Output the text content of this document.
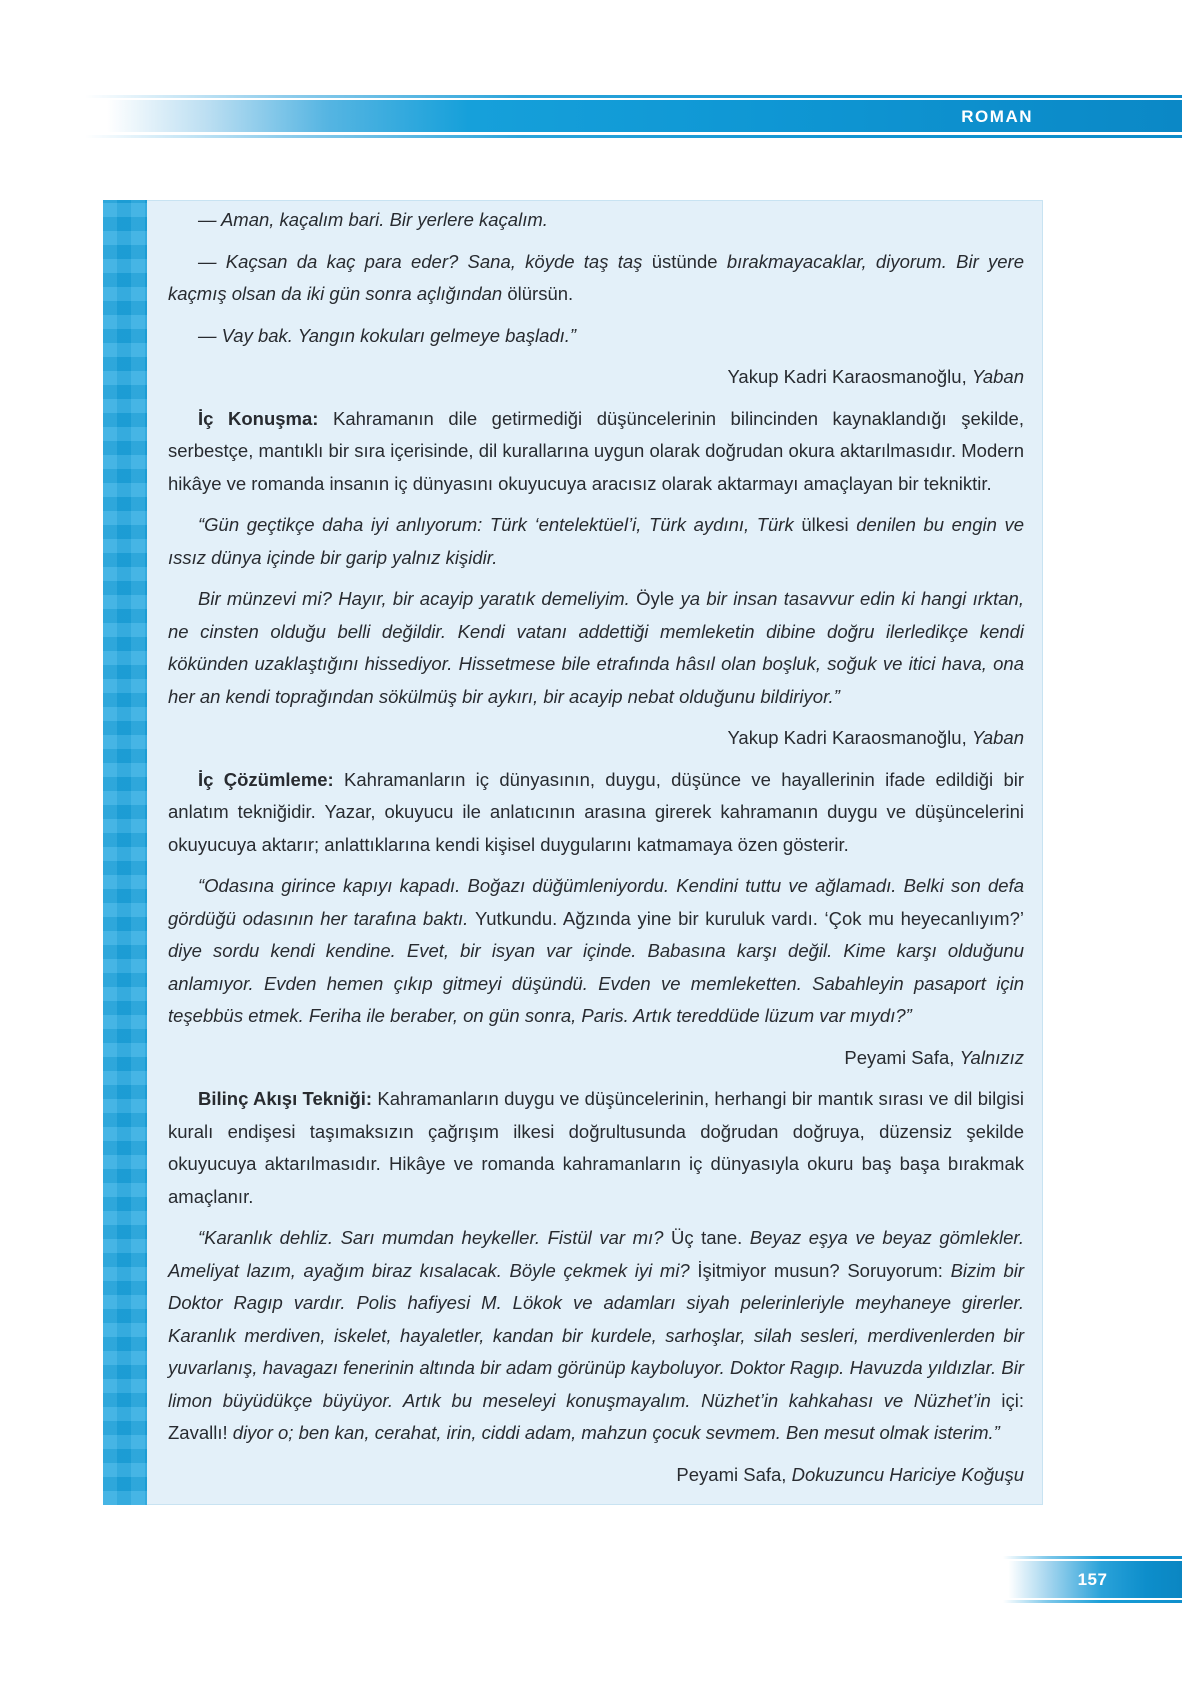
ROMAN

— Aman, kaçalım bari. Bir yerlere kaçalım.

— Kaçsan da kaç para eder? Sana, köyde taş taş üstünde bırakmayacaklar, diyorum. Bir yere kaçmış olsan da iki gün sonra açlığından ölürsün.

— Vay bak. Yangın kokuları gelmeye başladı.”

Yakup Kadri Karaosmanoğlu, Yaban

İç Konuşma: Kahramanın dile getirmediği düşüncelerinin bilincinden kaynaklandığı şekilde, serbestçe, mantıklı bir sıra içerisinde, dil kurallarına uygun olarak doğrudan okura aktarılmasıdır. Modern hikâye ve romanda insanın iç dünyasını okuyucuya aracısız olarak aktarmayı amaçlayan bir tekniktir.

“Gün geçtikçe daha iyi anlıyorum: Türk ‘entelektüel’i, Türk aydını, Türk ülkesi denilen bu engin ve ıssız dünya içinde bir garip yalnız kişidir.

Bir münzevi mi? Hayır, bir acayip yaratık demeliyim. Öyle ya bir insan tasavvur edin ki hangi ırktan, ne cinsten olduğu belli değildir. Kendi vatanı addettiği memleketin dibine doğru ilerledikçe kendi kökünden uzaklaştığını hissediyor. Hissetmese bile etrafında hâsıl olan boşluk, soğuk ve itici hava, ona her an kendi toprağından sökülmüş bir aykırı, bir acayip nebat olduğunu bildiriyor.”

Yakup Kadri Karaosmanoğlu, Yaban

İç Çözümleme: Kahramanların iç dünyasının, duygu, düşünce ve hayallerinin ifade edildiği bir anlatım tekniğidir. Yazar, okuyucu ile anlatıcının arasına girerek kahramanın duygu ve düşüncelerini okuyucuya aktarır; anlattıklarına kendi kişisel duygularını katmamaya özen gösterir.

“Odasına girince kapıyı kapadı. Boğazı düğümleniyordu. Kendini tuttu ve ağlamadı. Belki son defa gördüğü odasının her tarafına baktı. Yutkundu. Ağzında yine bir kuruluk vardı. ‘Çok mu heyecanlıyım?’ diye sordu kendi kendine. Evet, bir isyan var içinde. Babasına karşı değil. Kime karşı olduğunu anlamıyor. Evden hemen çıkıp gitmeyi düşündü. Evden ve memleketten. Sabahleyin pasaport için teşebbüs etmek. Feriha ile beraber, on gün sonra, Paris. Artık tereddüde lüzum var mıydı?”

Peyami Safa, Yalnızız

Bilinç Akışı Tekniği: Kahramanların duygu ve düşüncelerinin, herhangi bir mantık sırası ve dil bilgisi kuralı endişesi taşımaksızın çağrışım ilkesi doğrultusunda doğrudan doğruya, düzensiz şekilde okuyucuya aktarılmasıdır. Hikâye ve romanda kahramanların iç dünyasıyla okuru baş başa bırakmak amaçlanır.

“Karanlık dehliz. Sarı mumdan heykeller. Fistül var mı? Üç tane. Beyaz eşya ve beyaz gömlekler. Ameliyat lazım, ayağım biraz kısalacak. Böyle çekmek iyi mi? İşitmiyor musun? Soruyorum: Bizim bir Doktor Ragıp vardır. Polis hafiyesi M. Lökok ve adamları siyah pelerinleriyle meyhaneye girerler. Karanlık merdiven, iskelet, hayaletler, kandan bir kurdele, sarhoşlar, silah sesleri, merdivenlerden bir yuvarlanış, havagazı fenerinin altında bir adam görünüp kayboluyor. Doktor Ragıp. Havuzda yıldızlar. Bir limon büyüdükçe büyüyor. Artık bu meseleyi konuşmayalım. Nüzhet’in kahkahası ve Nüzhet’in içi: Zavallı! diyor o; ben kan, cerahat, irin, ciddi adam, mahzun çocuk sevmem. Ben mesut olmak isterim.”

Peyami Safa, Dokuzuncu Hariciye Koğuşu

157
